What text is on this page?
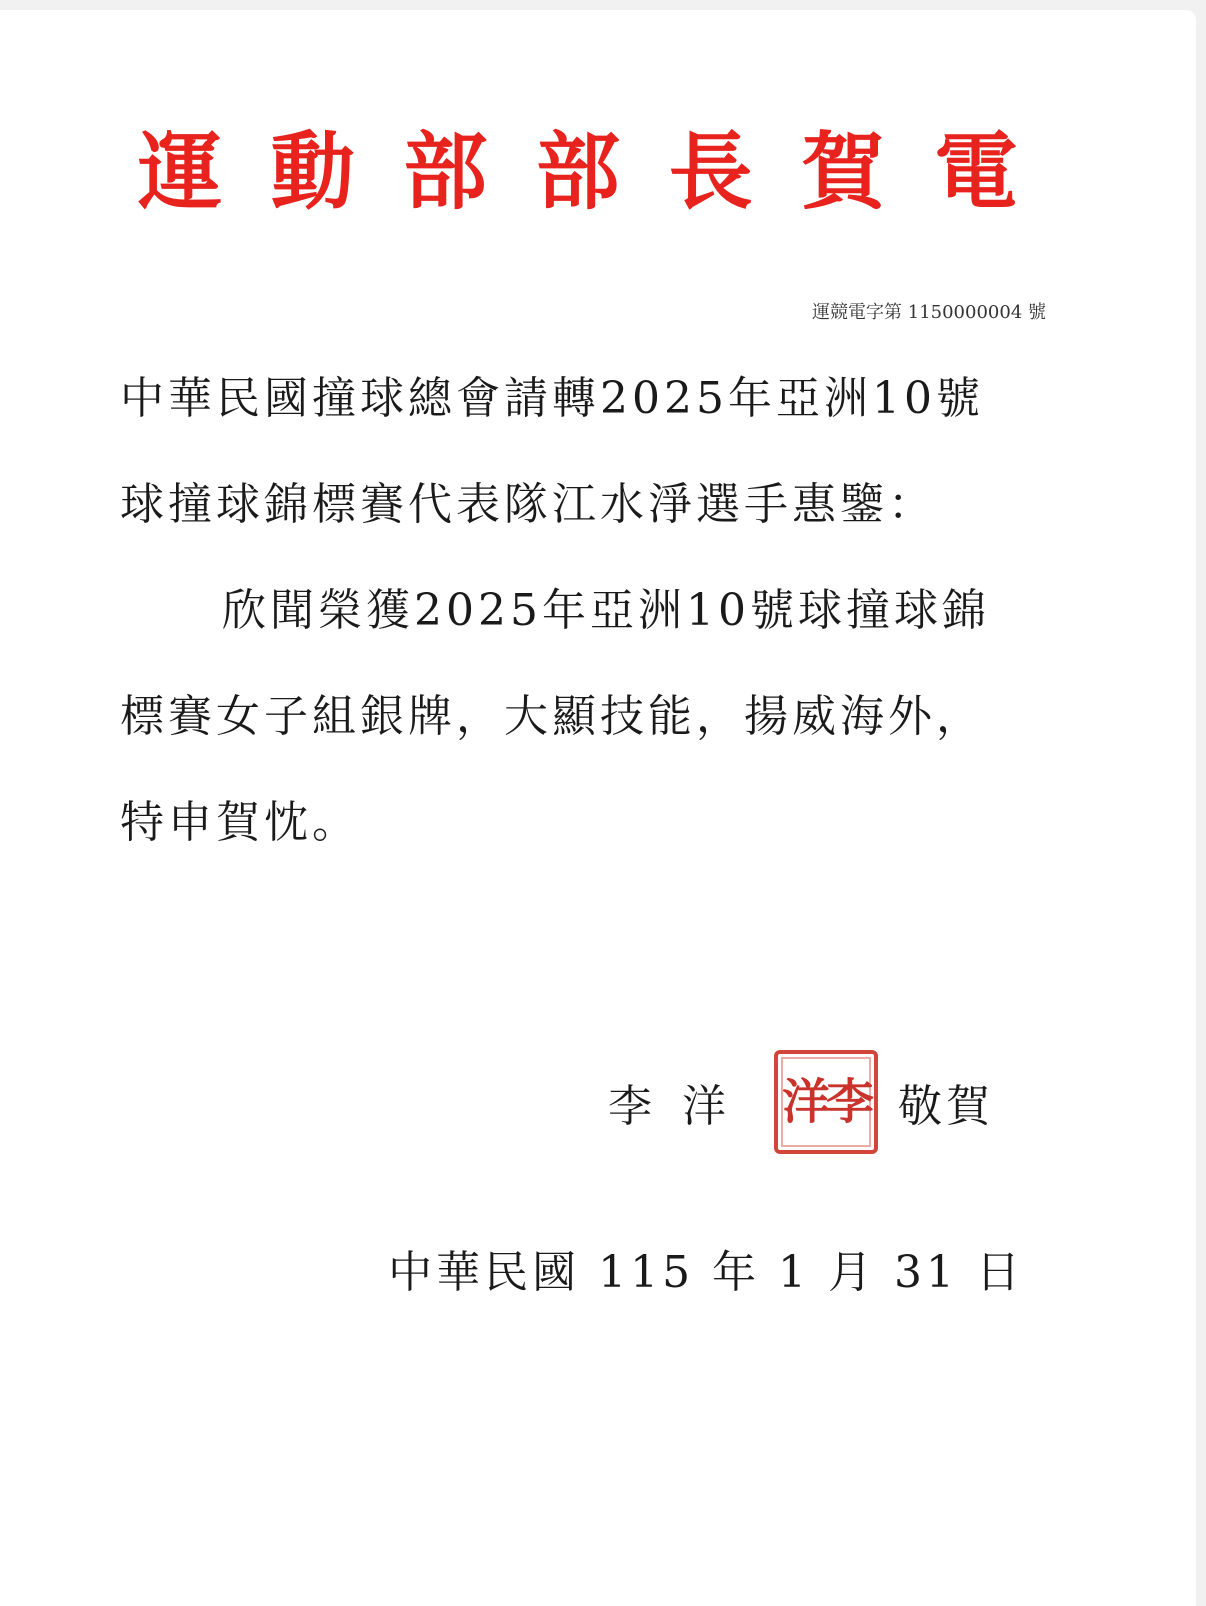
運 動 部 部 長 賀 電
運競電字第 1150000004 號
中華民國撞球總會請轉2025年亞洲10號
球撞球錦標賽代表隊江水淨選手惠鑒：
欣聞榮獲2025年亞洲10號球撞球錦
標賽女子組銀牌，大顯技能，揚威海外，
特申賀忱。
李洋 洋李 敬賀
中華民國 115 年 1 月 31 日
